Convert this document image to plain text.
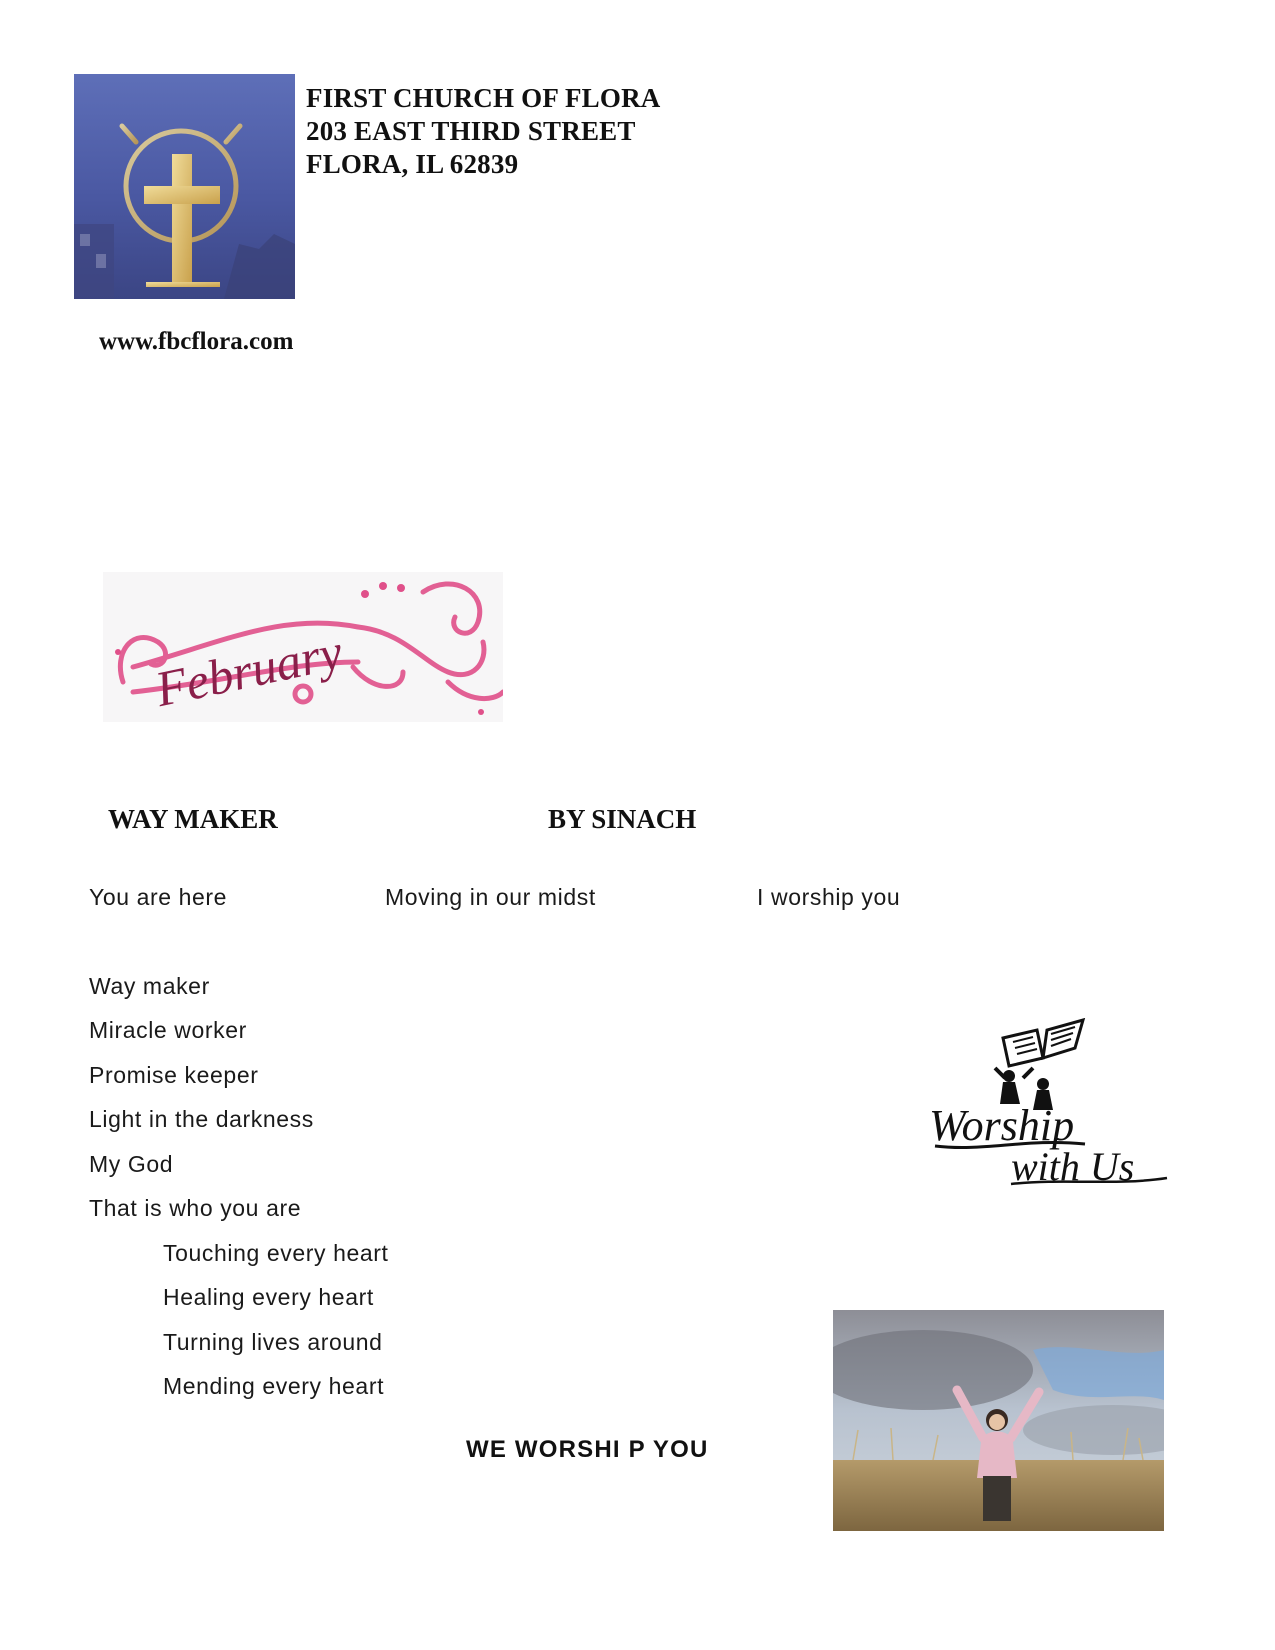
FIRST CHURCH OF FLORA
203 EAST THIRD STREET
FLORA, IL 62839
www.fbcflora.com
February
WAY MAKER	BY SINACH
You are here	Moving in our midst	I worship you
Way maker
Miracle worker
Promise keeper
Light in the darkness
My God
That is who you are
Touching every heart
Healing every heart
Turning lives around
Mending every heart
WE WORSHI P YOU
Worship
with Us
